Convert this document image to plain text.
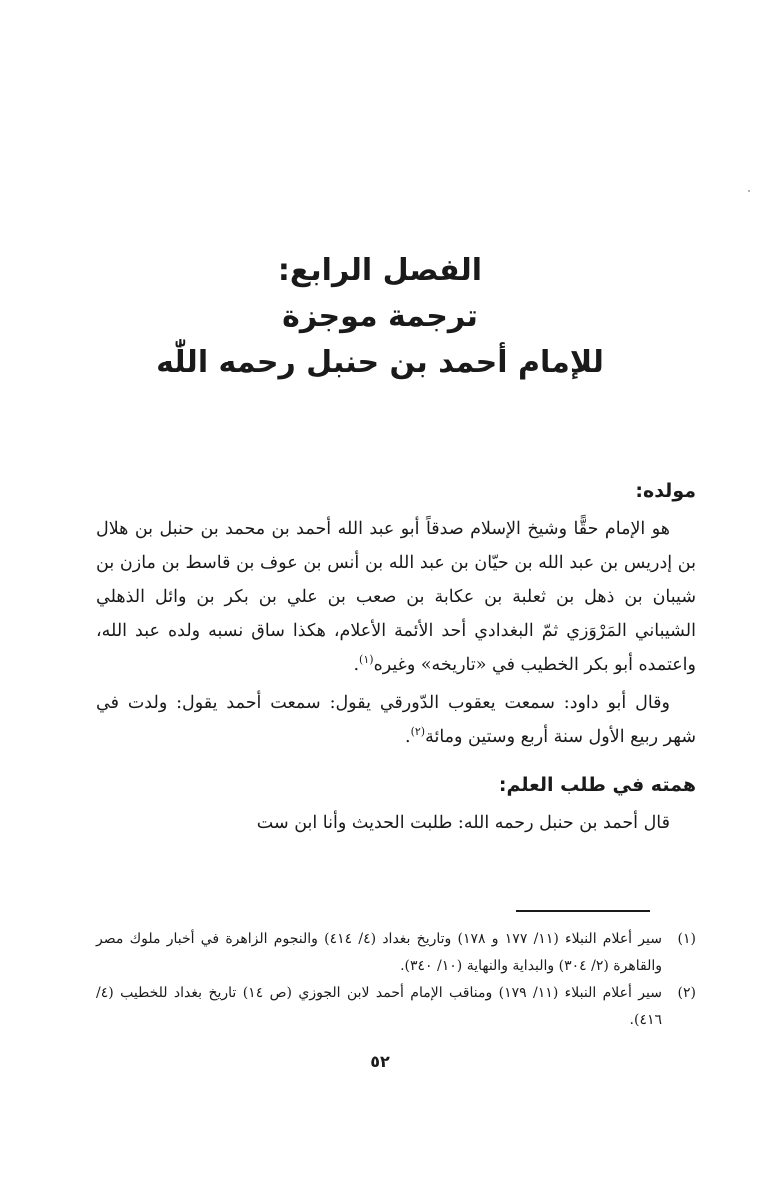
الفصل الرابع:
ترجمة موجزة
للإمام أحمد بن حنبل رحمه اللّٰه
مولده:

هو الإمام حقًّا وشيخ الإسلام صدقاً أبو عبد الله أحمد بن محمد بن حنبل بن هلال بن إدريس بن عبد الله بن حيّان بن عبد الله بن أنس بن عوف بن قاسط بن مازن بن شيبان بن ذهل بن ثعلبة بن عكابة بن صعب بن علي بن بكر بن وائل الذهلي الشيباني المَرْوَزي ثمّ البغدادي أحد الأئمة الأعلام، هكذا ساق نسبه ولده عبد الله، واعتمده أبو بكر الخطيب في «تاريخه» وغيره$^{(١)}$.

وقال أبو داود: سمعت يعقوب الدّورقي يقول: سمعت أحمد يقول: ولدت في شهر ربيع الأول سنة أربع وستين ومائة$^{(٢)}$.

همته في طلب العلم:

قال أحمد بن حنبل رحمه الله: طلبت الحديث وأنا ابن ست

(١)
سير أعلام النبلاء (١١/ ١٧٧ و ١٧٨) وتاريخ بغداد (٤/ ٤١٤) والنجوم الزاهرة في أخبار ملوك مصر والقاهرة (٢/ ٣٠٤) والبداية والنهاية (١٠/ ٣٤٠).

(٢)
سير أعلام النبلاء (١١/ ١٧٩) ومناقب الإمام أحمد لابن الجوزي (ص ١٤) تاريخ بغداد للخطيب (٤/ ٤١٦).

٥٢
